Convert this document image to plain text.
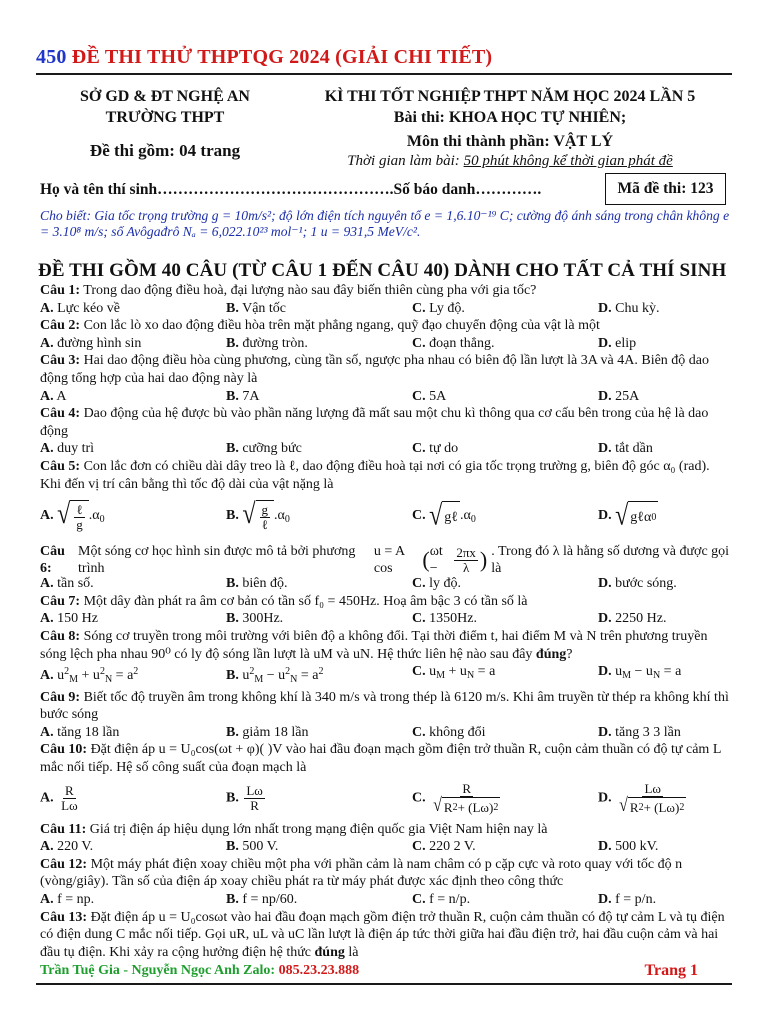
450 ĐỀ THI THỬ THPTQG 2024 (GIẢI CHI TIẾT)
SỞ GD & ĐT NGHỆ AN
TRƯỜNG THPT
Đề thi gồm: 04 trang
KÌ THI TỐT NGHIỆP THPT NĂM HỌC 2024 LẦN 5
Bài thi: KHOA HỌC TỰ NHIÊN;
Môn thi thành phần: VẬT LÝ
Thời gian làm bài: 50 phút không kể thời gian phát đề
Họ và tên thí sinh……………………………………….Số báo danh………….	Mã đề thi: 123
Cho biết: Gia tốc trọng trường g = 10m/s²; độ lớn điện tích nguyên tố e = 1,6.10⁻¹⁹ C; cường độ ánh sáng trong chân không e = 3.10⁸ m/s; số Avôgađrô Nₐ = 6,022.10²³ mol⁻¹; 1 u = 931,5 MeV/c².
ĐỀ THI GỒM 40 CÂU (TỪ CÂU 1 ĐẾN CÂU 40) DÀNH CHO TẤT CẢ THÍ SINH
Câu 1: Trong dao động điều hoà, đại lượng nào sau đây biến thiên cùng pha với gia tốc?
A. Lực kéo về	B. Vận tốc	C. Ly độ.	D. Chu kỳ.
Câu 2: Con lắc lò xo dao động điều hòa trên mặt phẳng ngang, quỹ đạo chuyển động của vật là một
A. đường hình sin	B. đường tròn.	C. đoạn thẳng.	D. elip
Câu 3: Hai dao động điều hòa cùng phương, cùng tần số, ngược pha nhau có biên độ lần lượt là 3A và 4A. Biên độ dao động tổng hợp của hai dao động này là
A. A	B. 7A	C. 5A	D. 25A
Câu 4: Dao động của hệ được bù vào phần năng lượng đã mất sau một chu kì thông qua cơ cấu bên trong của hệ là dao động
A. duy trì	B. cưỡng bức	C. tự do	D. tắt dần
Câu 5: Con lắc đơn có chiều dài dây treo là ℓ, dao động điều hoà tại nơi có gia tốc trọng trường g, biên độ góc α₀ (rad). Khi đến vị trí cân bằng thì tốc độ dài của vật nặng là
A. √ $\frac{\text{ℓ}}{g} .\alpha_0$	B. √ $\frac{g}{\text{ℓ}} .\alpha_0$	C. √ gℓ $.\alpha_0$	D. √ gℓα 0
Câu 6:
Một sóng cơ học hình sin được mô tả bởi phương trình
u = A cos ( $\omega t - \frac{2\pi x}{\lambda}$ ) . Trong đó λ là hằng số dương và được gọi là
A. tần số.	B. biên độ.	C. ly độ.	D. bước sóng.
Câu 7: Một dây đàn phát ra âm cơ bản có tần số f₀ = 450Hz. Hoạ âm bậc 3 có tần số là
A. 150 Hz	B. 300Hz.	C. 1350Hz.	D. 2250 Hz.
Câu 8: Sóng cơ truyền trong môi trường với biên độ a không đổi. Tại thời điểm t, hai điểm M và N trên phương truyền sóng lệch pha nhau 90⁰ có ly độ sóng lần lượt là uM và uN. Hệ thức liên hệ nào sau đây đúng?
A. $u^2_M + u^2_N = a^2$	B. $u^2_M - u^2_N = a^2$	C. $u_M + u_N = a$	D. $u_M - u_N = a$
Câu 9: Biết tốc độ truyền âm trong không khí là 340 m/s và trong thép là 6120 m/s. Khi âm truyền từ thép ra không khí thì bước sóng
A. tăng 18 lần	B. giảm 18 lần	C. không đổi	D. tăng 3 3 lần
Câu 10: Đặt điện áp u = U₀cos(ωt + φ)( )V vào hai đầu đoạn mạch gồm điện trở thuần R, cuộn cảm thuần có độ tự cảm L mắc nối tiếp. Hệ số công suất của đoạn mạch là
A. $\frac{R}{L\omega}$	B. $\frac{L\omega}{R}$	C. $\frac{R}{√ R 2 + (L\omega) 2}$	D. $\frac{L\omega}{√ R 2 + (L\omega) 2}$
Câu 11: Giá trị điện áp hiệu dụng lớn nhất trong mạng điện quốc gia Việt Nam hiện nay là
A. 220 V.	B. 500 V.	C. 220 2 V.	D. 500 kV.
Câu 12: Một máy phát điện xoay chiều một pha với phần cảm là nam châm có p cặp cực và roto quay với tốc độ n (vòng/giây). Tần số của điện áp xoay chiều phát ra từ máy phát được xác định theo công thức
A. f = np.	B. f = np/60.	C. f = n/p.	D. f = p/n.
Câu 13: Đặt điện áp u = U₀cosωt vào hai đầu đoạn mạch gồm điện trở thuần R, cuộn cảm thuần có độ tự cảm L và tụ điện có điện dung C mắc nối tiếp. Gọi uR, uL và uC lần lượt là điện áp tức thời giữa hai đầu điện trở, hai đầu cuộn cảm và hai đầu tụ điện. Khi xảy ra cộng hưởng điện hệ thức đúng là
Trần Tuệ Gia - Nguyễn Ngọc Anh Zalo: 085.23.23.888	Trang 1
